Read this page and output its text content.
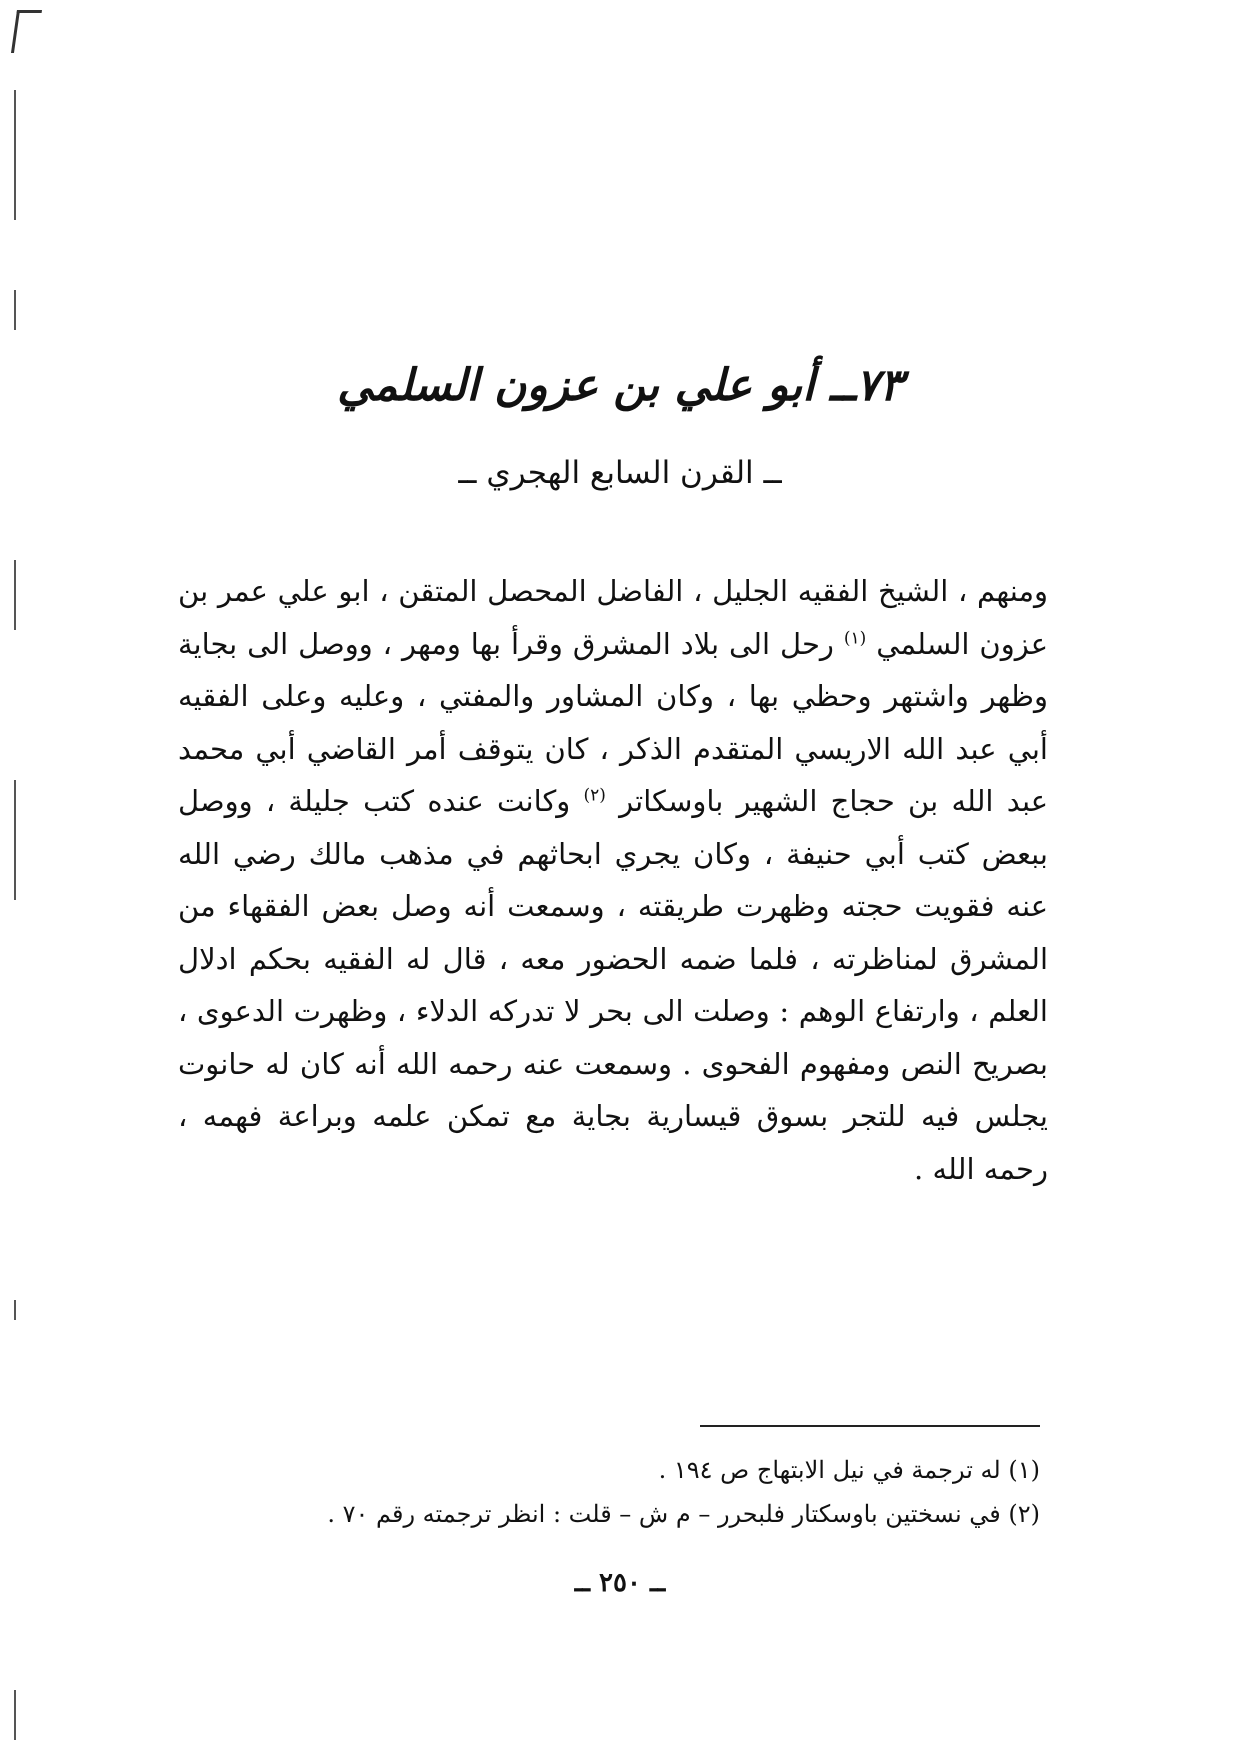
٧٣ــ أبو علي بن عزون السلمي
ــ القرن السابع الهجري ــ
ومنهم ، الشيخ الفقيه الجليل ، الفاضل المحصل المتقن ، ابو علي عمر بن عزون السلمي $^{(١)}$ رحل الى بلاد المشرق وقرأ بها ومهر ، ووصل الى بجاية وظهر واشتهر وحظي بها ، وكان المشاور والمفتي ، وعليه وعلى الفقيه أبي عبد الله الاريسي المتقدم الذكر ، كان يتوقف أمر القاضي أبي محمد عبد الله بن حجاج الشهير باوسكاتر $^{(٢)}$ وكانت عنده كتب جليلة ، ووصل ببعض كتب أبي حنيفة ، وكان يجري ابحاثهم في مذهب مالك رضي الله عنه فقويت حجته وظهرت طريقته ، وسمعت أنه وصل بعض الفقهاء من المشرق لمناظرته ، فلما ضمه الحضور معه ، قال له الفقيه بحكم ادلال العلم ، وارتفاع الوهم : وصلت الى بحر لا تدركه الدلاء ، وظهرت الدعوى ، بصريح النص ومفهوم الفحوى . وسمعت عنه رحمه الله أنه كان له حانوت يجلس فيه للتجر بسوق قيسارية بجاية مع تمكن علمه وبراعة فهمه ، رحمه الله .
(١) له ترجمة في نيل الابتهاج ص ١٩٤ .
(٢) في نسختين باوسكتار فلبحرر – م ش – قلت : انظر ترجمته رقم ٧٠ .
ــ ٢٥٠ ــ
